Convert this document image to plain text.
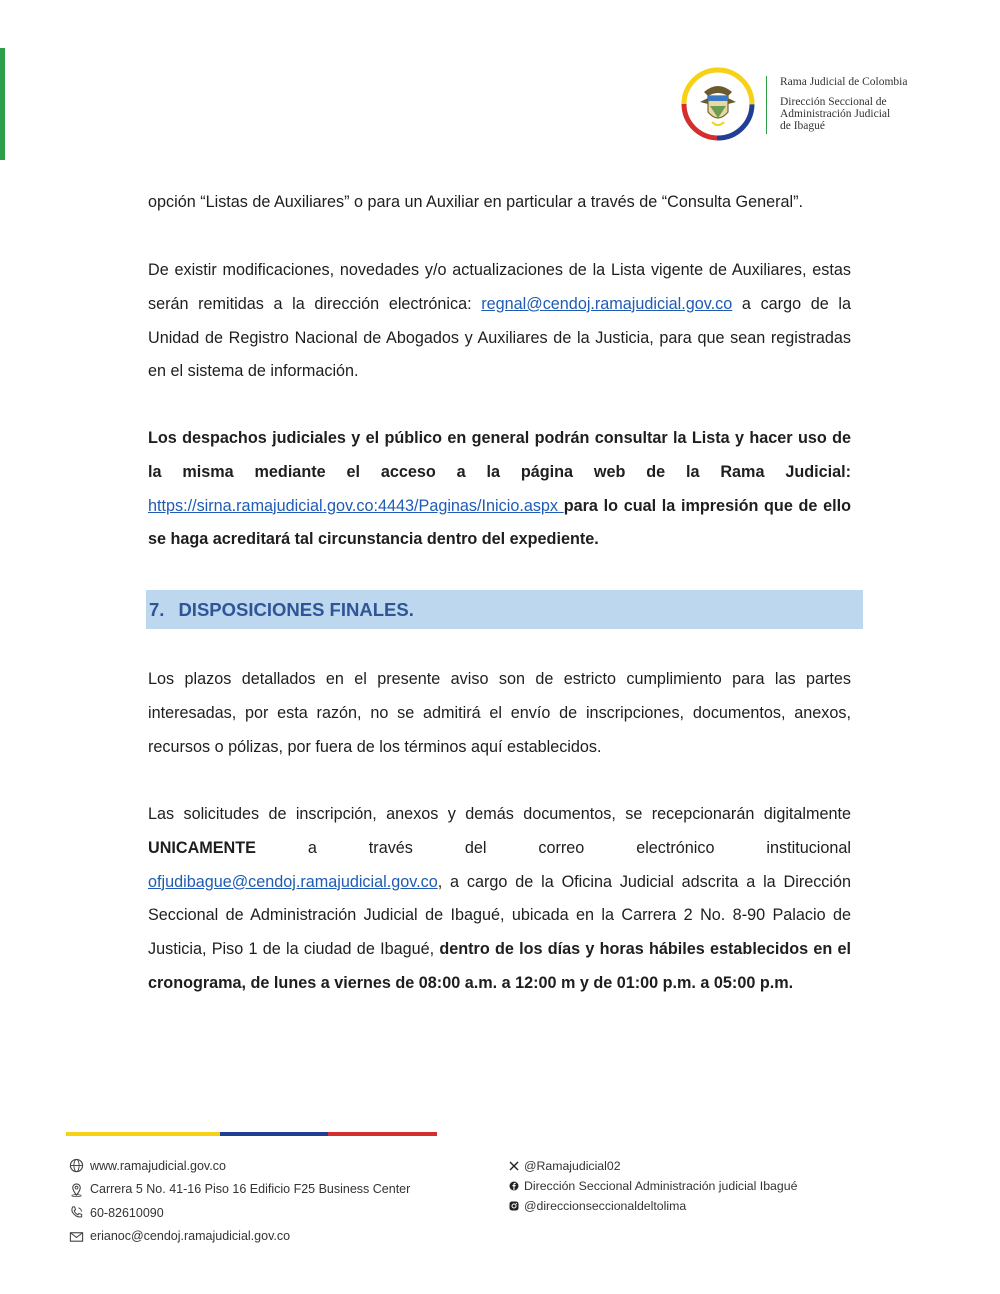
Rama Judicial de Colombia
Dirección Seccional de
Administración Judicial
de Ibagué
opción “Listas de Auxiliares” o para un Auxiliar en particular a través de “Consulta General”.
De existir modificaciones, novedades y/o actualizaciones de la Lista vigente de Auxiliares, estas serán remitidas a la dirección electrónica: regnal@cendoj.ramajudicial.gov.co a cargo de la Unidad de Registro Nacional de Abogados y Auxiliares de la Justicia, para que sean registradas en el sistema de información.
Los despachos judiciales y el público en general podrán consultar la Lista y hacer uso de la misma mediante el acceso a la página web de la Rama Judicial: https://sirna.ramajudicial.gov.co:4443/Paginas/Inicio.aspx para lo cual la impresión que de ello se haga acreditará tal circunstancia dentro del expediente.
7. DISPOSICIONES FINALES.
Los plazos detallados en el presente aviso son de estricto cumplimiento para las partes interesadas, por esta razón, no se admitirá el envío de inscripciones, documentos, anexos, recursos o pólizas, por fuera de los términos aquí establecidos.
Las solicitudes de inscripción, anexos y demás documentos, se recepcionarán digitalmente UNICAMENTE a través del correo electrónico institucional ofjudibague@cendoj.ramajudicial.gov.co, a cargo de la Oficina Judicial adscrita a la Dirección Seccional de Administración Judicial de Ibagué, ubicada en la Carrera 2 No. 8-90 Palacio de Justicia, Piso 1 de la ciudad de Ibagué, dentro de los días y horas hábiles establecidos en el cronograma, de lunes a viernes de 08:00 a.m. a 12:00 m y de 01:00 p.m. a 05:00 p.m.
www.ramajudicial.gov.co
Carrera 5 No. 41-16 Piso 16 Edificio F25 Business Center
60-82610090
erianoc@cendoj.ramajudicial.gov.co
@Ramajudicial02
Dirección Seccional Administración judicial Ibagué
@direccionseccionaldeltolima
